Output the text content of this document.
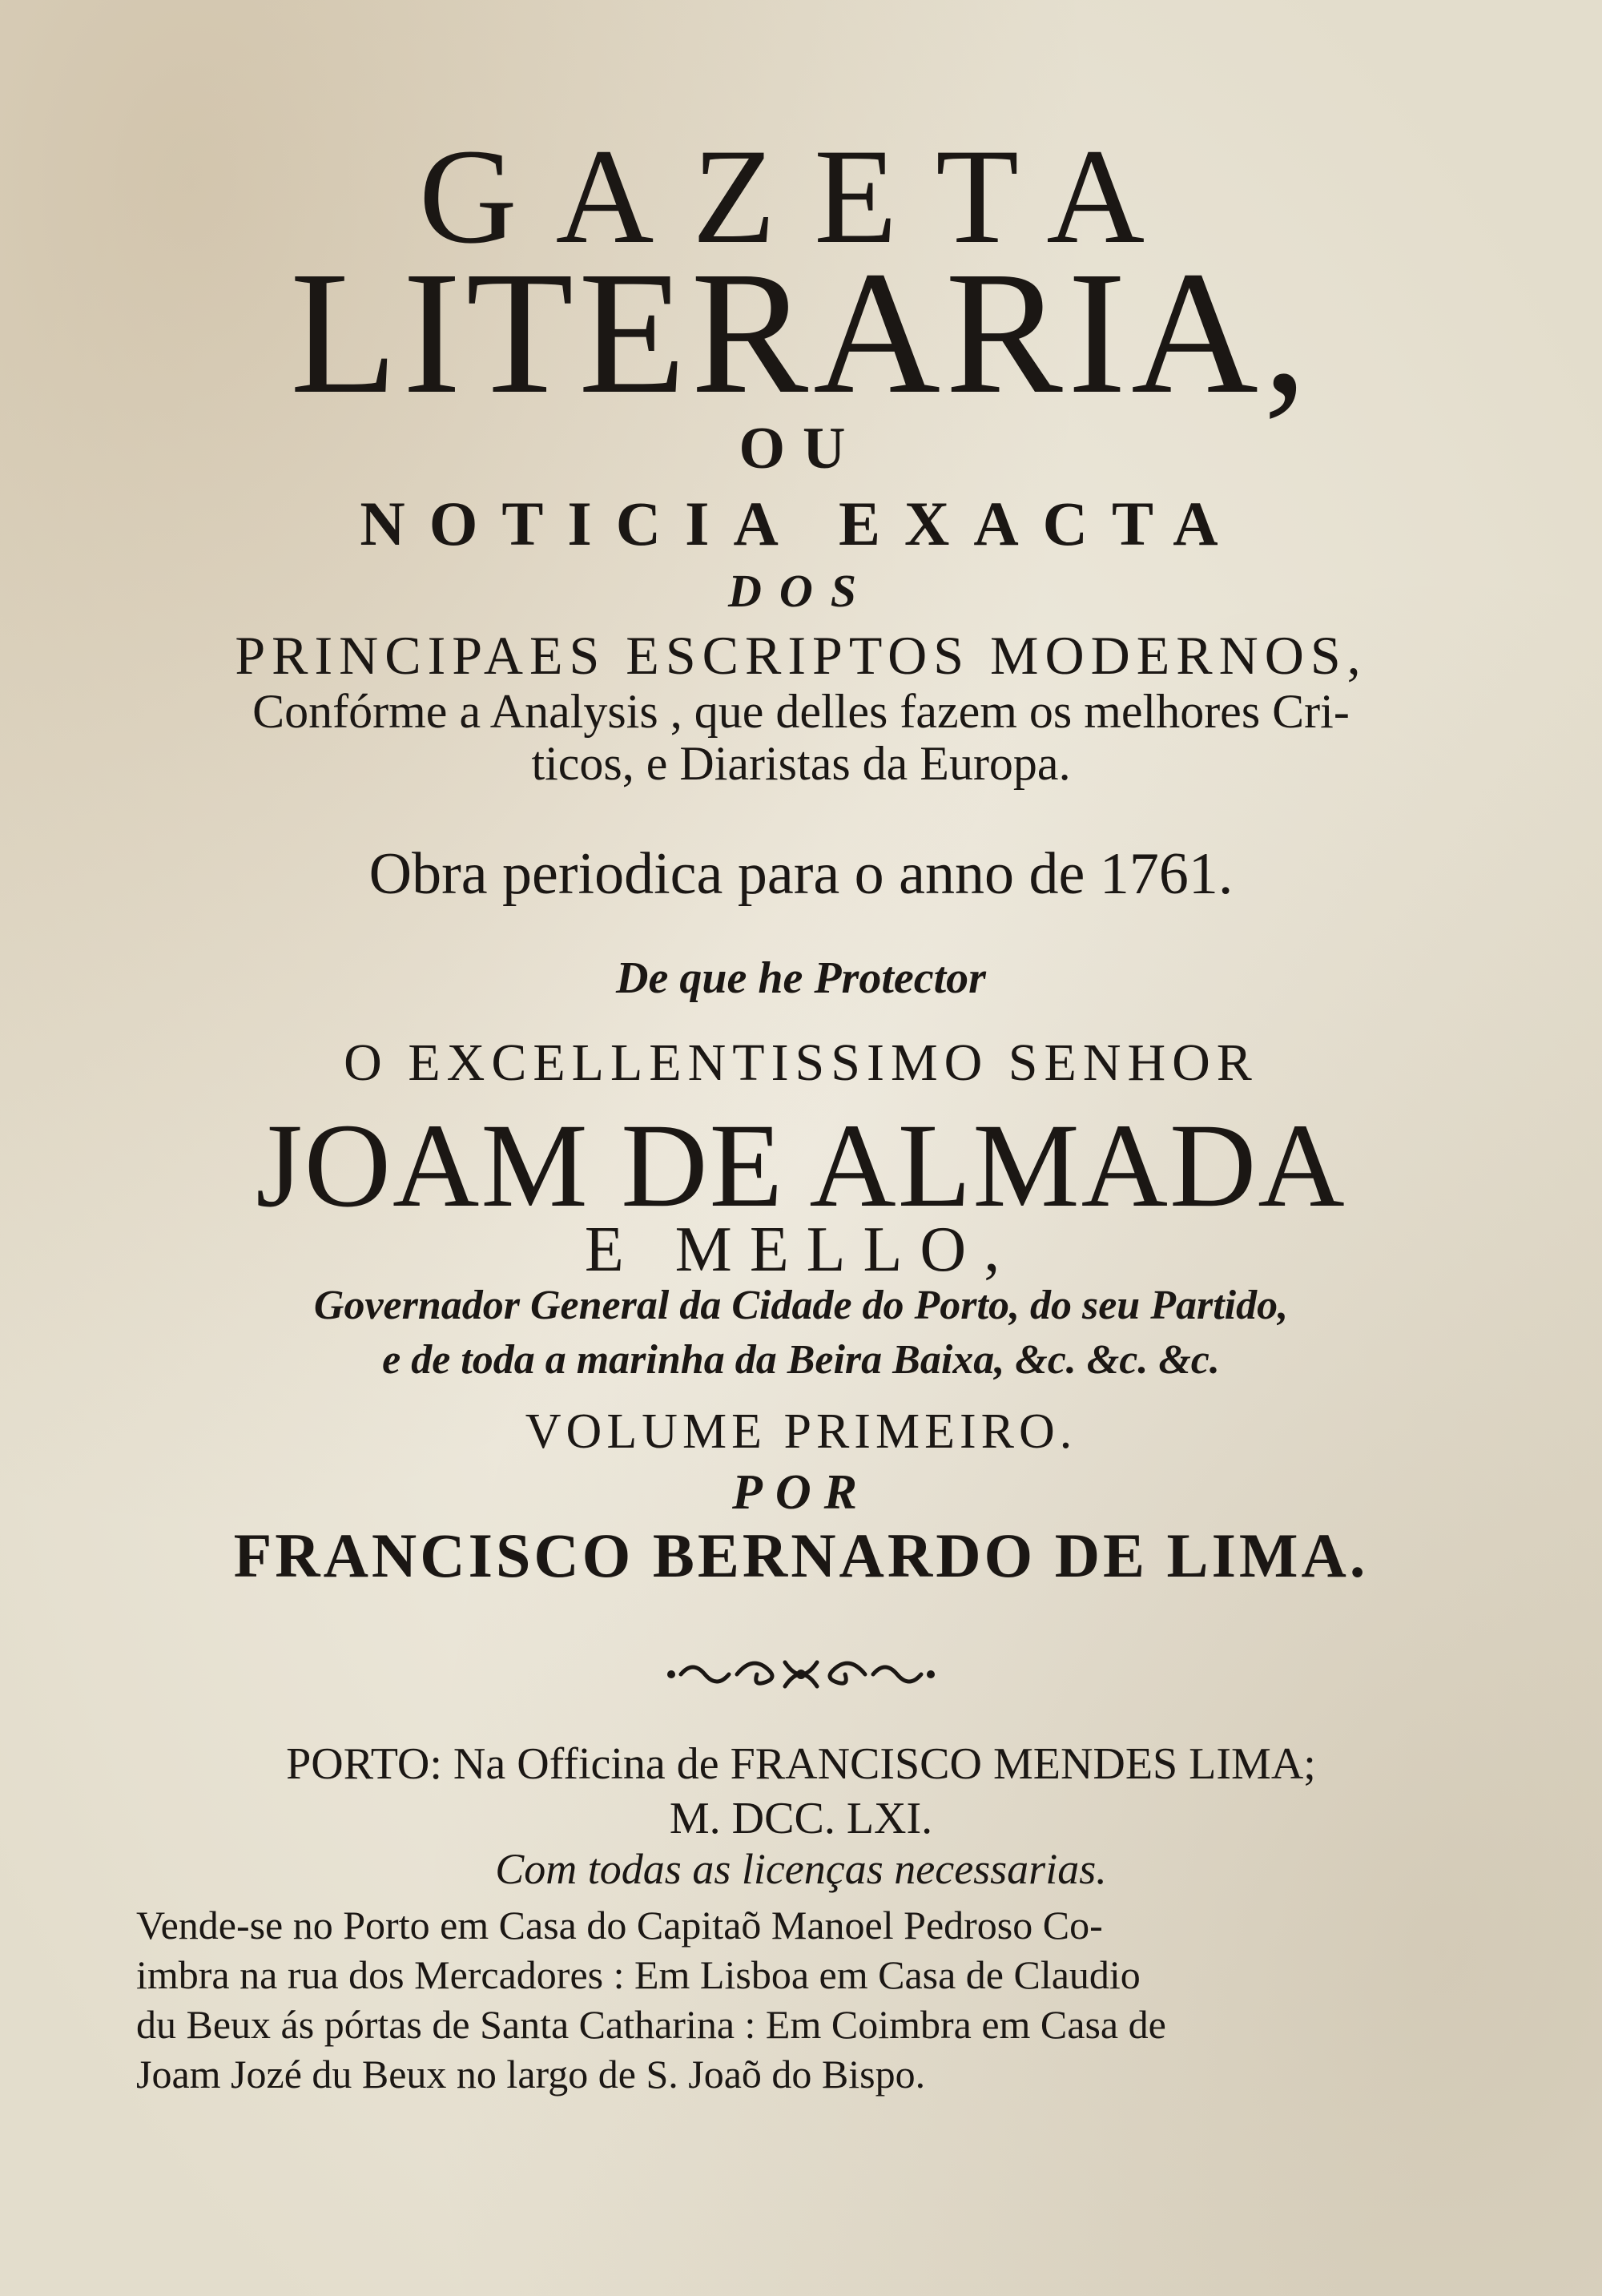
GAZETA
LITERARIA,
OU
NOTICIA EXACTA
DOS
PRINCIPAES ESCRIPTOS MODERNOS,
Confórme a Analysis , que delles fazem os melhores Cri-
ticos, e Diaristas da Europa.
Obra periodica para o anno de 1761.
De que he Protector
O EXCELLENTISSIMO SENHOR
JOAM DE ALMADA
E MELLO,
Governador General da Cidade do Porto, do seu Partido,
e de toda a marinha da Beira Baixa, &c. &c. &c.
VOLUME PRIMEIRO.
POR
FRANCISCO BERNARDO DE LIMA.
PORTO: Na Officina de FRANCISCO MENDES LIMA;
M. DCC. LXI.
Com todas as licenças necessarias.
Vende-se no Porto em Casa do Capitaõ Manoel Pedroso Co-
imbra na rua dos Mercadores : Em Lisboa em Casa de Claudio
du Beux ás pórtas de Santa Catharina : Em Coimbra em Casa de
Joam Jozé du Beux no largo de S. Joaõ do Bispo.
